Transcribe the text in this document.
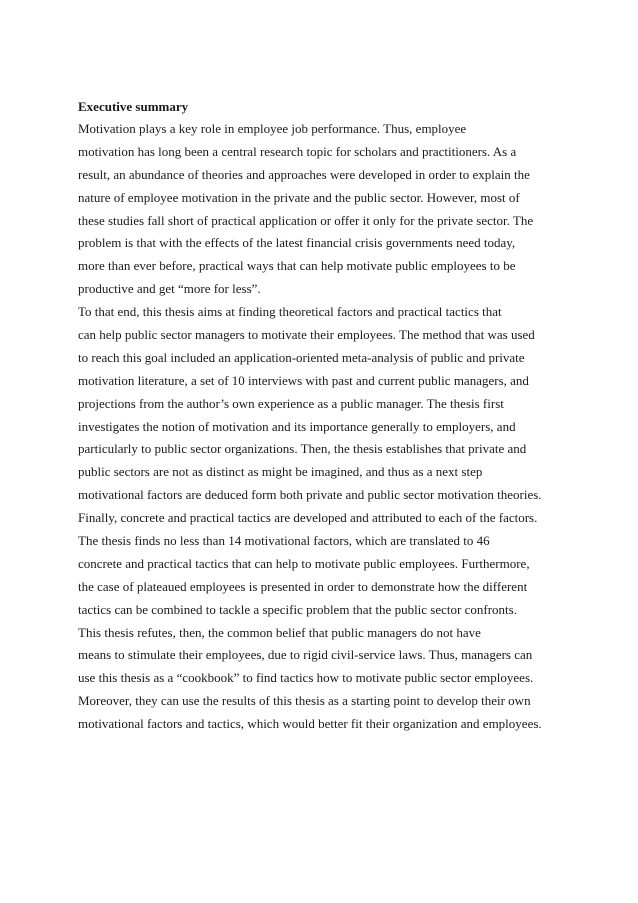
Executive summary
Motivation plays a key role in employee job performance. Thus, employee
motivation has long been a central research topic for scholars and practitioners. As a
result, an abundance of theories and approaches were developed in order to explain the
nature of employee motivation in the private and the public sector. However, most of
these studies fall short of practical application or offer it only for the private sector. The
problem is that with the effects of the latest financial crisis governments need today,
more than ever before, practical ways that can help motivate public employees to be
productive and get “more for less”.
To that end, this thesis aims at finding theoretical factors and practical tactics that
can help public sector managers to motivate their employees. The method that was used
to reach this goal included an application-oriented meta-analysis of public and private
motivation literature, a set of 10 interviews with past and current public managers, and
projections from the author’s own experience as a public manager. The thesis first
investigates the notion of motivation and its importance generally to employers, and
particularly to public sector organizations. Then, the thesis establishes that private and
public sectors are not as distinct as might be imagined, and thus as a next step
motivational factors are deduced form both private and public sector motivation theories.
Finally, concrete and practical tactics are developed and attributed to each of the factors.
The thesis finds no less than 14 motivational factors, which are translated to 46
concrete and practical tactics that can help to motivate public employees. Furthermore,
the case of plateaued employees is presented in order to demonstrate how the different
tactics can be combined to tackle a specific problem that the public sector confronts.
This thesis refutes, then, the common belief that public managers do not have
means to stimulate their employees, due to rigid civil-service laws. Thus, managers can
use this thesis as a “cookbook” to find tactics how to motivate public sector employees.
Moreover, they can use the results of this thesis as a starting point to develop their own
motivational factors and tactics, which would better fit their organization and employees.
